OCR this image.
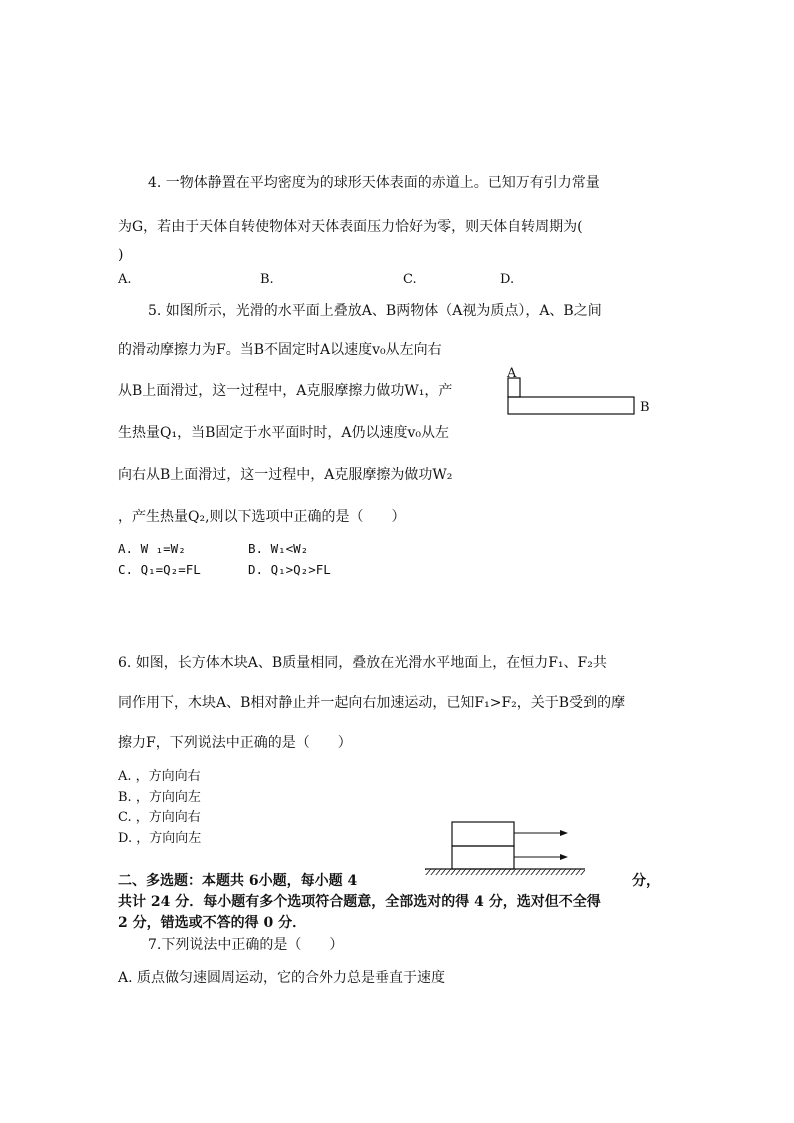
4. 一物体静置在平均密度为的球形天体表面的赤道上。已知万有引力常量
为G，若由于天体自转使物体对天体表面压力恰好为零，则天体自转周期为(
)
A.	B.	C.	D.
5. 如图所示，光滑的水平面上叠放A、B两物体（A视为质点），A、B之间
的滑动摩擦力为F。当B不固定时A以速度v₀从左向右
从B上面滑过，这一过程中，A克服摩擦力做功W₁，产
生热量Q₁，当B固定于水平面时时，A仍以速度v₀从左
向右从B上面滑过，这一过程中，A克服摩擦为做功W₂
，产生热量Q₂,则以下选项中正确的是（　　）
A. W ₁=W₂	B. W₁<W₂
C. Q₁=Q₂=FL	D. Q₁>Q₂>FL
A
B
6. 如图，长方体木块A、B质量相同，叠放在光滑水平地面上，在恒力F₁、F₂共
同作用下，木块A、B相对静止并一起向右加速运动，已知F₁>F₂，关于B受到的摩
擦力F，下列说法中正确的是（　　）
A. ，方向向右
B. ，方向向左
C. ，方向向右
D. ，方向向左
二、多选题：本题共 6小题，每小题 4	分，
共计 24 分．每小题有多个选项符合题意，全部选对的得 4 分，选对但不全得
2 分，错选或不答的得 0 分．
7.下列说法中正确的是（　　）
A. 质点做匀速圆周运动，它的合外力总是垂直于速度
